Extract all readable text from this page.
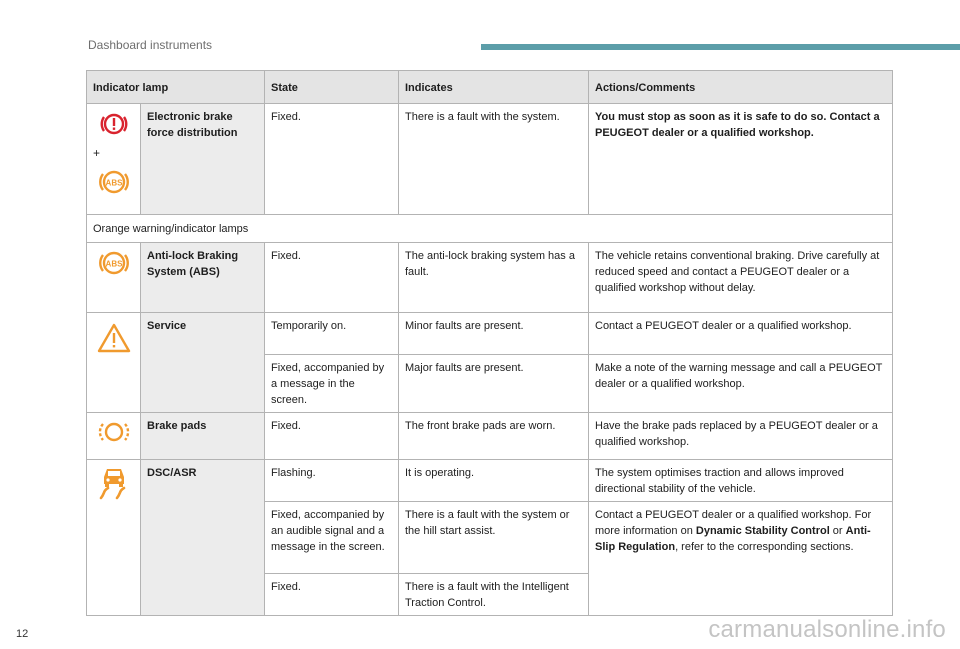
Dashboard instruments
Indicator lamp		State	Indicates	Actions/Comments

+
ABS	Electronic brake force distribution	Fixed.	There is a fault with the system.	You must stop as soon as it is safe to do so. Contact a PEUGEOT dealer or a qualified workshop.
Orange warning/indicator lamps				

ABS	Anti-lock Braking System (ABS)	Fixed.	The anti-lock braking system has a fault.	The vehicle retains conventional braking. Drive carefully at reduced speed and contact a PEUGEOT dealer or a qualified workshop without delay.

	Service	Temporarily on.	Minor faults are present.	Contact a PEUGEOT dealer or a qualified workshop.
		Fixed, accompanied by a message in the screen.	Major faults are present.	Make a note of the warning message and call a PEUGEOT dealer or a qualified workshop.

	Brake pads	Fixed.	The front brake pads are worn.	Have the brake pads replaced by a PEUGEOT dealer or a qualified workshop.

	DSC/ASR	Flashing.	It is operating.	The system optimises traction and allows improved directional stability of the vehicle.
		Fixed, accompanied by an audible signal and a message in the screen.	There is a fault with the system or the hill start assist.	Contact a PEUGEOT dealer or a qualified workshop. For more information on Dynamic Stability Control or Anti-Slip Regulation, refer to the corresponding sections.
		Fixed.	There is a fault with the Intelligent Traction Control.	
12	carmanualsonline.info
